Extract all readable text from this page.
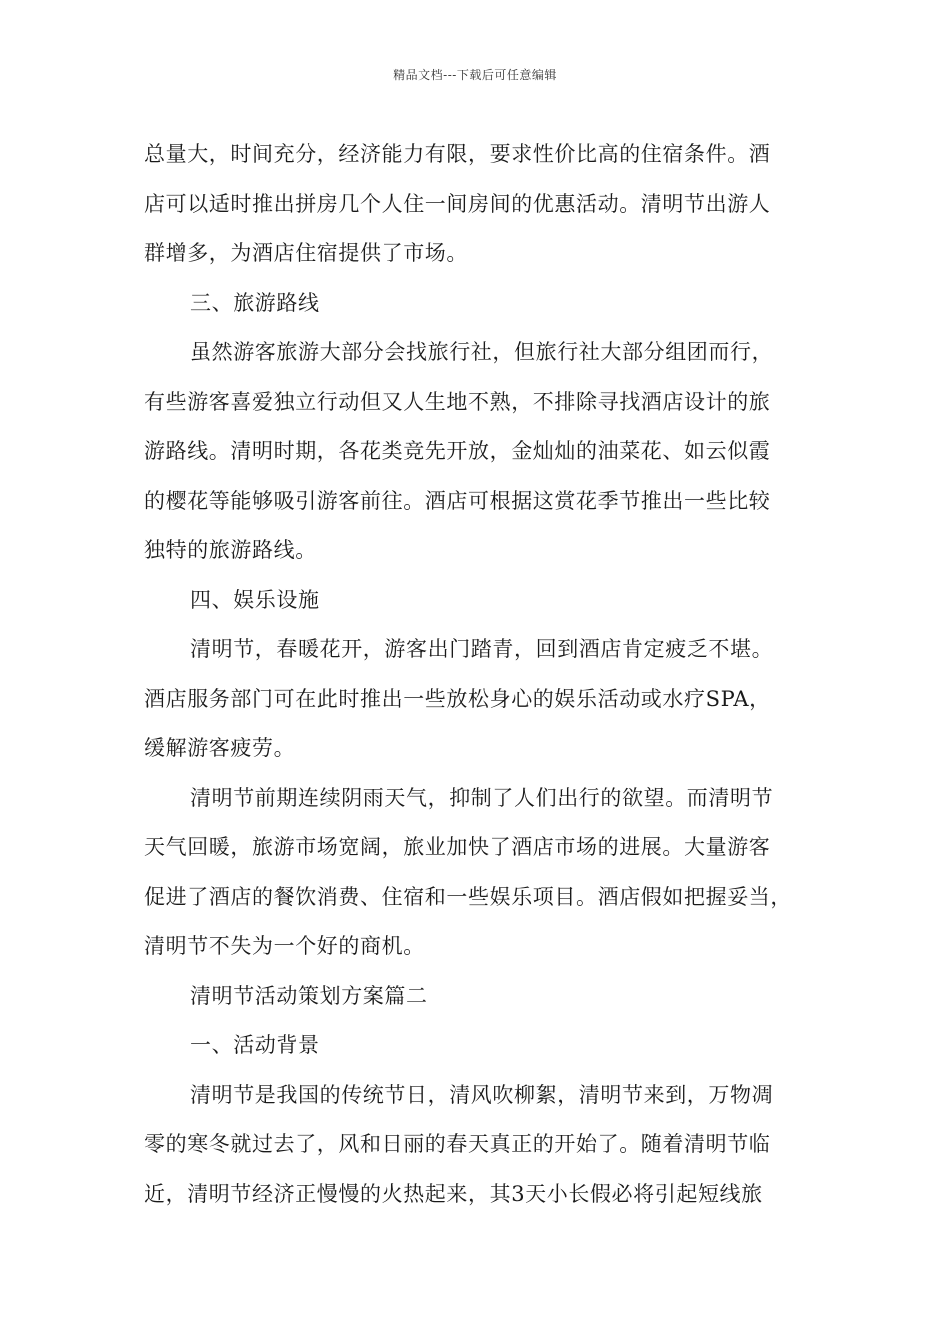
精品文档---下载后可任意编辑
总量大，时间充分，经济能力有限，要求性价比高的住宿条件。酒
店可以适时推出拼房几个人住一间房间的优惠活动。清明节出游人
群增多，为酒店住宿提供了市场。
三、旅游路线
虽然游客旅游大部分会找旅行社，但旅行社大部分组团而行，
有些游客喜爱独立行动但又人生地不熟，不排除寻找酒店设计的旅
游路线。清明时期，各花类竞先开放，金灿灿的油菜花、如云似霞
的樱花等能够吸引游客前往。酒店可根据这赏花季节推出一些比较
独特的旅游路线。
四、娱乐设施
清明节，春暖花开，游客出门踏青，回到酒店肯定疲乏不堪。
酒店服务部门可在此时推出一些放松身心的娱乐活动或水疗SPA，
缓解游客疲劳。
清明节前期连续阴雨天气，抑制了人们出行的欲望。而清明节
天气回暖，旅游市场宽阔，旅业加快了酒店市场的进展。大量游客
促进了酒店的餐饮消费、住宿和一些娱乐项目。酒店假如把握妥当，
清明节不失为一个好的商机。
清明节活动策划方案篇二
一、活动背景
清明节是我国的传统节日，清风吹柳絮，清明节来到，万物凋
零的寒冬就过去了，风和日丽的春天真正的开始了。随着清明节临
近，清明节经济正慢慢的火热起来，其3天小长假必将引起短线旅
